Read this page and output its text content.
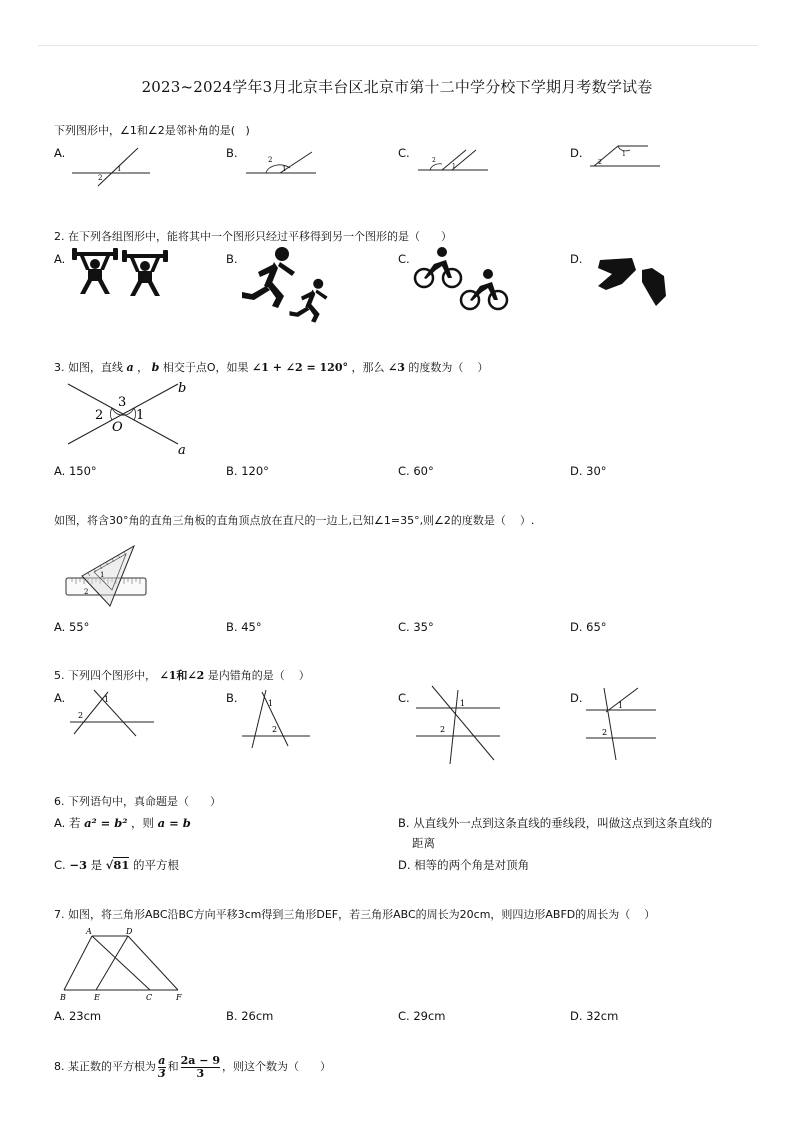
2023~2024学年3月北京丰台区北京市第十二中学分校下学期月考数学试卷
下列图形中，∠1和∠2是邻补角的是(   )
A.	B.	C.	D.
1
2
2
1
2
1
1
2
2. 在下列各组图形中，能将其中一个图形只经过平移得到另一个图形的是（      ）
A.	B.	C.	D.
3. 如图，直线 a ， b 相交于点O，如果 ∠1 + ∠2 = 120° ，那么 ∠3 的度数为（    ）
3
b
2	1
O
a
A. 150°	B. 120°	C. 60°	D. 30°
如图，将含30°角的直角三角板的直角顶点放在直尺的一边上,已知∠1=35°,则∠2的度数是（    ）.
1
2
A. 55°	B. 45°	C. 35°	D. 65°
5. 下列四个图形中， ∠1和∠2 是内错角的是（    ）
A.	B.	C.	D.
1
2
1
2
1
2
1
2
6. 下列语句中，真命题是（      ）
A. 若 a² = b² ，则 a = b	B. 从直线外一点到这条直线的垂线段，叫做这点到这条直线的
距离
C. −3 是 √81 的平方根	D. 相等的两个角是对顶角
7. 如图，将三角形ABC沿BC方向平移3cm得到三角形DEF，若三角形ABC的周长为20cm，则四边形ABFD的周长为（    ）
A	D
B	E	C	F
A. 23cm	B. 26cm	C. 29cm	D. 32cm
8. 某正数的平方根为 $\frac{a}{3}$ 和 $\frac{2a - 9}{3}$ ，则这个数为（      ）
